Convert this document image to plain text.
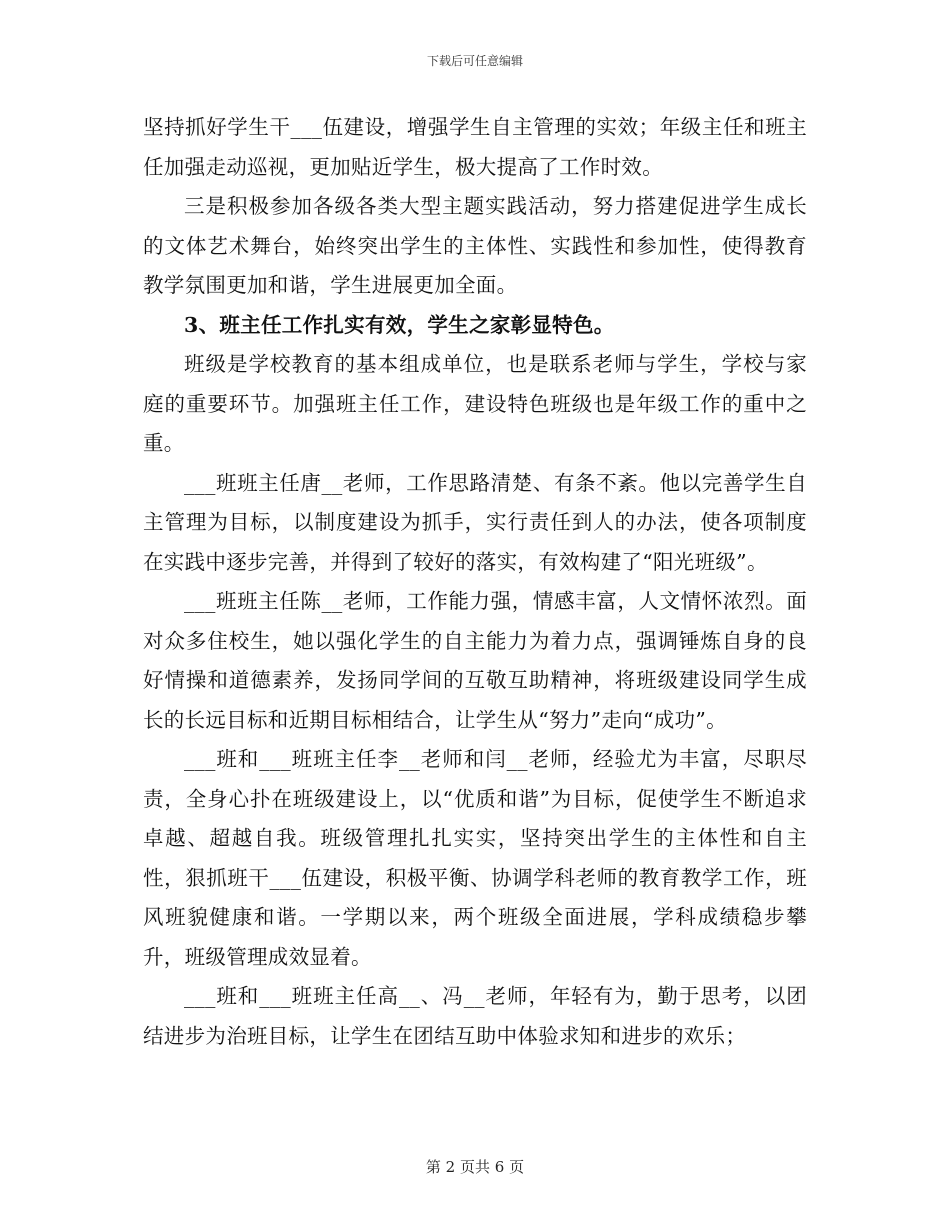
下载后可任意编辑

坚持抓好学生干___伍建设，增强学生自主管理的实效；年级主任和班主任加强走动巡视，更加贴近学生，极大提高了工作时效。

三是积极参加各级各类大型主题实践活动，努力搭建促进学生成长的文体艺术舞台，始终突出学生的主体性、实践性和参加性，使得教育教学氛围更加和谐，学生进展更加全面。

3、班主任工作扎实有效，学生之家彰显特色。

班级是学校教育的基本组成单位，也是联系老师与学生，学校与家庭的重要环节。加强班主任工作，建设特色班级也是年级工作的重中之重。

___班班主任唐__老师，工作思路清楚、有条不紊。他以完善学生自主管理为目标，以制度建设为抓手，实行责任到人的办法，使各项制度在实践中逐步完善，并得到了较好的落实，有效构建了“阳光班级”。

___班班主任陈__老师，工作能力强，情感丰富，人文情怀浓烈。面对众多住校生，她以强化学生的自主能力为着力点，强调锤炼自身的良好情操和道德素养，发扬同学间的互敬互助精神，将班级建设同学生成长的长远目标和近期目标相结合，让学生从“努力”走向“成功”。

___班和___班班主任李__老师和闫__老师，经验尤为丰富，尽职尽责，全身心扑在班级建设上，以“优质和谐”为目标，促使学生不断追求卓越、超越自我。班级管理扎扎实实，坚持突出学生的主体性和自主性，狠抓班干___伍建设，积极平衡、协调学科老师的教育教学工作，班风班貌健康和谐。一学期以来，两个班级全面进展，学科成绩稳步攀升，班级管理成效显着。

___班和___班班主任高__、冯__老师，年轻有为，勤于思考，以团结进步为治班目标，让学生在团结互助中体验求知和进步的欢乐；

第 2 页共 6 页
